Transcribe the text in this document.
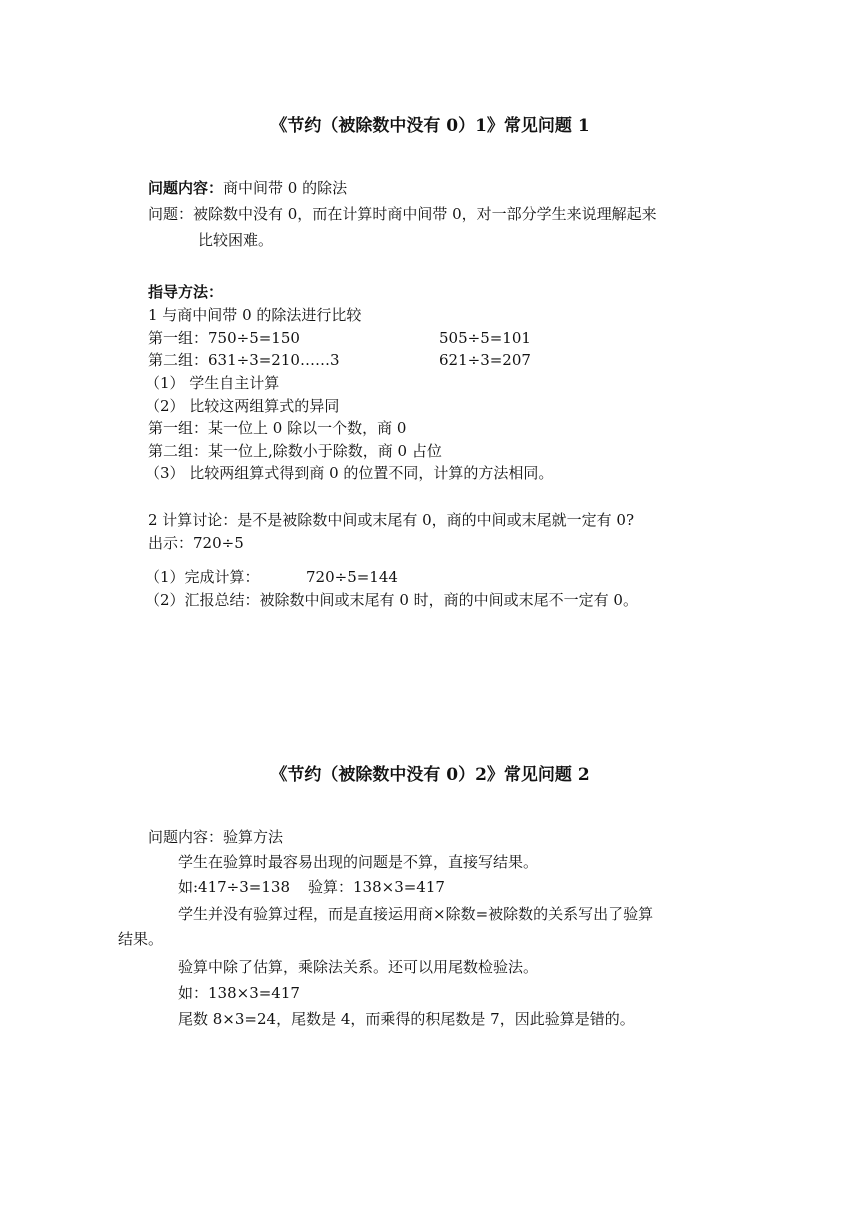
《节约（被除数中没有 0）1》常见问题 1
问题内容：商中间带 0 的除法
问题：被除数中没有 0，而在计算时商中间带 0，对一部分学生来说理解起来
比较困难。
指导方法：
1 与商中间带 0 的除法进行比较
第一组：750÷5=150	505÷5=101
第二组：631÷3=210……3	621÷3=207
（1） 学生自主计算
（2） 比较这两组算式的异同
第一组：某一位上 0 除以一个数，商 0
第二组：某一位上,除数小于除数，商 0 占位
（3） 比较两组算式得到商 0 的位置不同，计算的方法相同。
2 计算讨论：是不是被除数中间或末尾有 0，商的中间或末尾就一定有 0?
出示：720÷5
（1）完成计算：	720÷5=144
（2）汇报总结：被除数中间或末尾有 0 时，商的中间或末尾不一定有 0。
《节约（被除数中没有 0）2》常见问题 2
问题内容：验算方法
学生在验算时最容易出现的问题是不算，直接写结果。
如:417÷3=138 验算：138×3=417
学生并没有验算过程，而是直接运用商×除数=被除数的关系写出了验算
结果。
验算中除了估算，乘除法关系。还可以用尾数检验法。
如：138×3=417
尾数 8×3=24，尾数是 4，而乘得的积尾数是 7，因此验算是错的。
